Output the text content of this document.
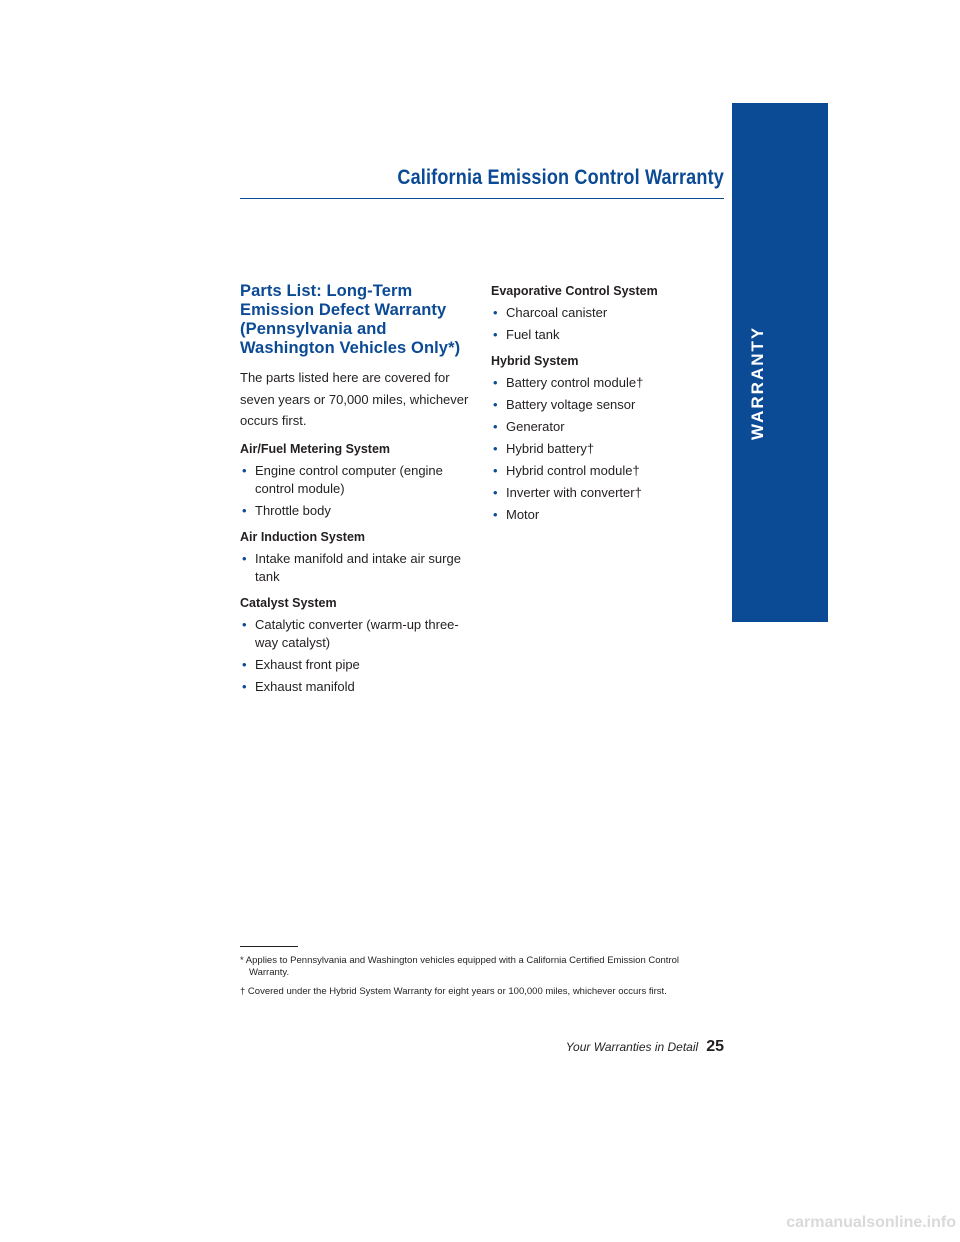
California Emission Control Warranty
WARRANTY
Parts List: Long-Term Emission Defect Warranty (Pennsylvania and Washington Vehicles Only*)

The parts listed here are covered for seven years or 70,000 miles, whichever occurs first.

Air/Fuel Metering System
• Engine control computer (engine control module)
• Throttle body
Air Induction System
• Intake manifold and intake air surge tank
Catalyst System
• Catalytic converter (warm-up three-way catalyst)
• Exhaust front pipe
• Exhaust manifold
Evaporative Control System
• Charcoal canister
• Fuel tank
Hybrid System
• Battery control module†
• Battery voltage sensor
• Generator
• Hybrid battery†
• Hybrid control module†
• Inverter with converter†
• Motor

* Applies to Pennsylvania and Washington vehicles equipped with a California Certified Emission Control Warranty.

† Covered under the Hybrid System Warranty for eight years or 100,000 miles, whichever occurs first.

Your Warranties in Detail 25
carmanualsonline.info
